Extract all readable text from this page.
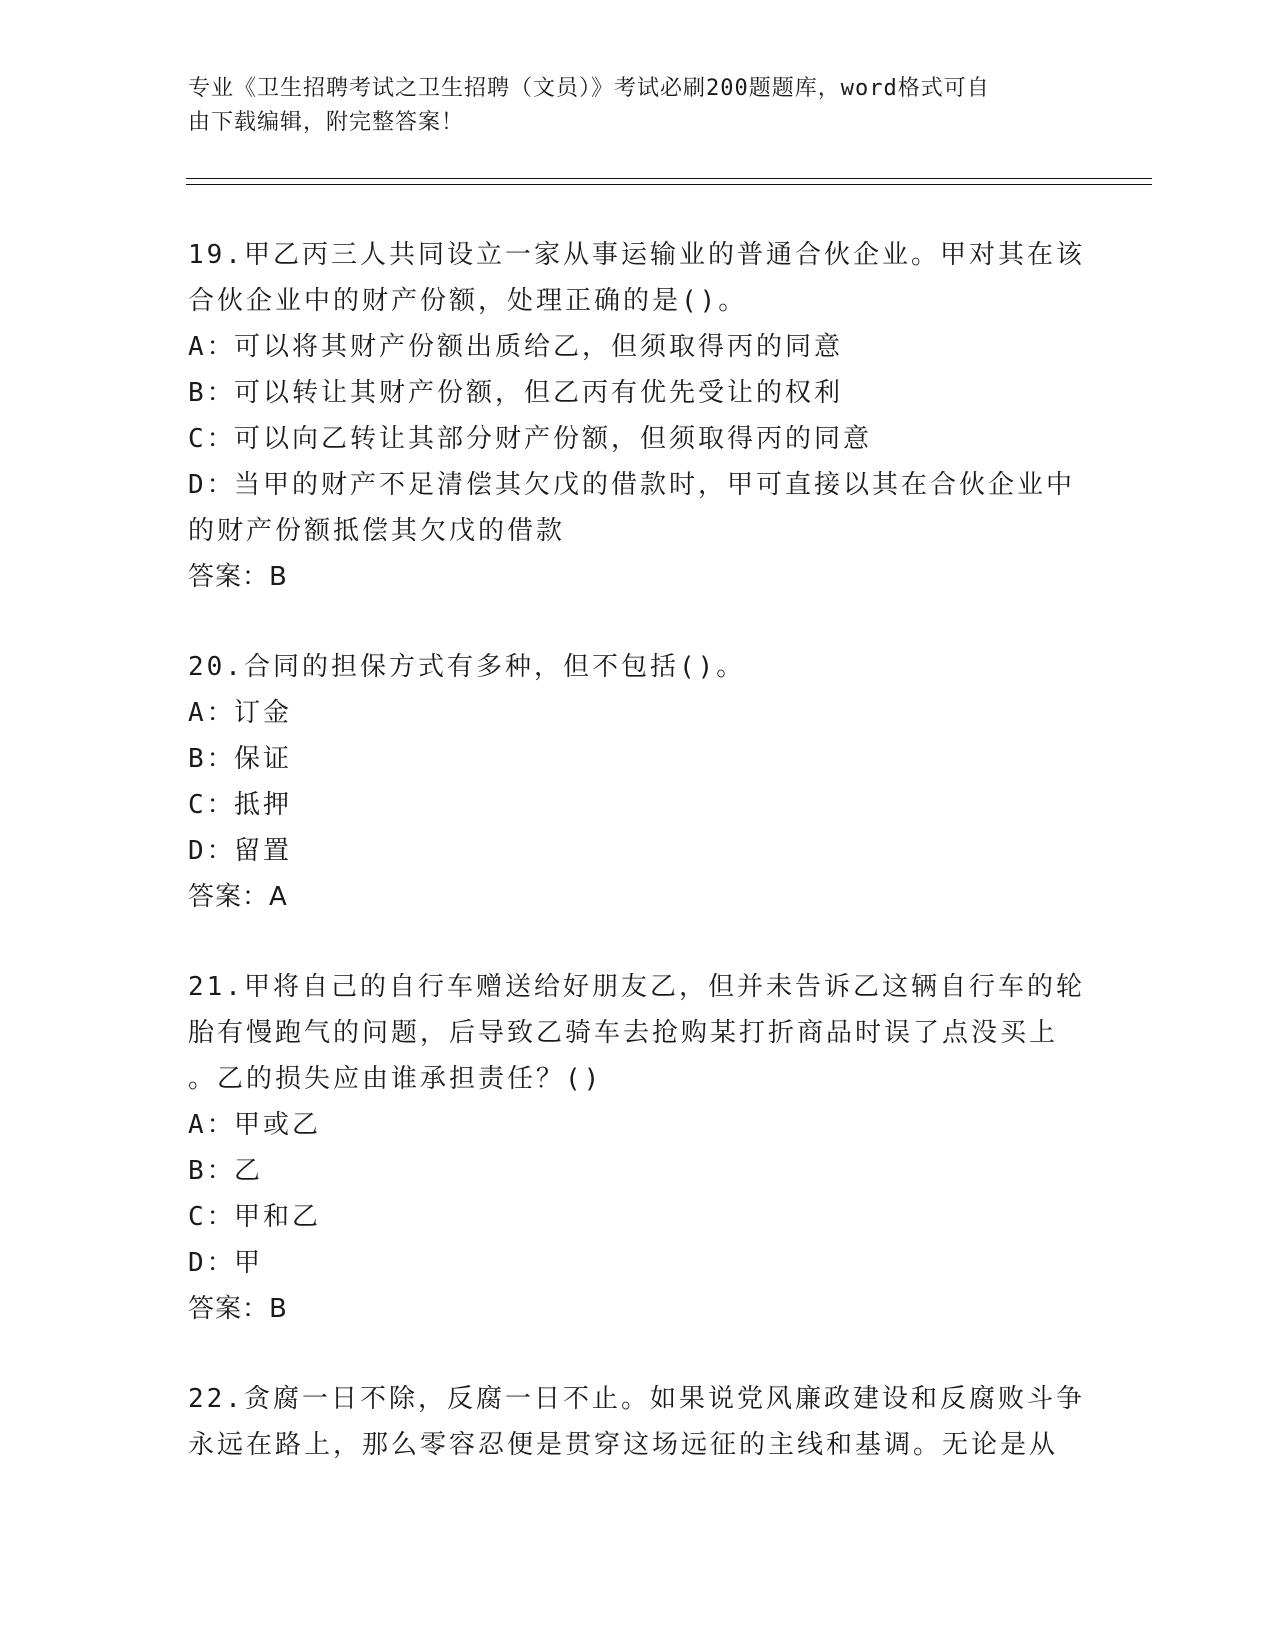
专业《卫生招聘考试之卫生招聘（文员）》考试必刷200题题库，word格式可自
由下载编辑，附完整答案！
19.甲乙丙三人共同设立一家从事运输业的普通合伙企业。甲对其在该
合伙企业中的财产份额，处理正确的是()。
A：可以将其财产份额出质给乙，但须取得丙的同意
B：可以转让其财产份额，但乙丙有优先受让的权利
C：可以向乙转让其部分财产份额，但须取得丙的同意
D：当甲的财产不足清偿其欠戊的借款时，甲可直接以其在合伙企业中
的财产份额抵偿其欠戊的借款
答案：B
20.合同的担保方式有多种，但不包括()。
A：订金
B：保证
C：抵押
D：留置
答案：A
21.甲将自己的自行车赠送给好朋友乙，但并未告诉乙这辆自行车的轮
胎有慢跑气的问题，后导致乙骑车去抢购某打折商品时误了点没买上
。乙的损失应由谁承担责任？()
A：甲或乙
B：乙
C：甲和乙
D：甲
答案：B
22.贪腐一日不除，反腐一日不止。如果说党风廉政建设和反腐败斗争
永远在路上，那么零容忍便是贯穿这场远征的主线和基调。无论是从
